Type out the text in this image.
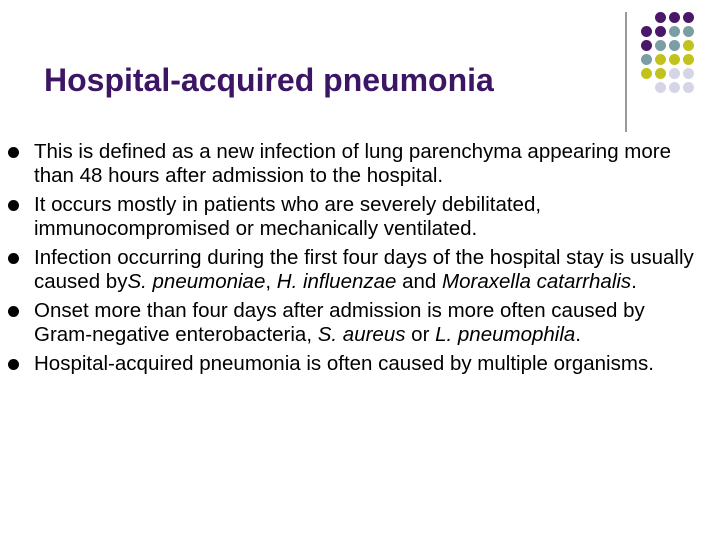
Hospital-acquired pneumonia
This is defined as a new infection of lung parenchyma appearing more than 48 hours after admission to the hospital.
It occurs mostly in patients who are severely debilitated, immunocompromised or mechanically ventilated.
Infection occurring during the first four days of the hospital stay is usually caused byS. pneumoniae, H. influenzae and Moraxella catarrhalis.
Onset more than four days after admission is more often caused by Gram-negative enterobacteria, S. aureus or L. pneumophila.
Hospital-acquired pneumonia is often caused by multiple organisms.
